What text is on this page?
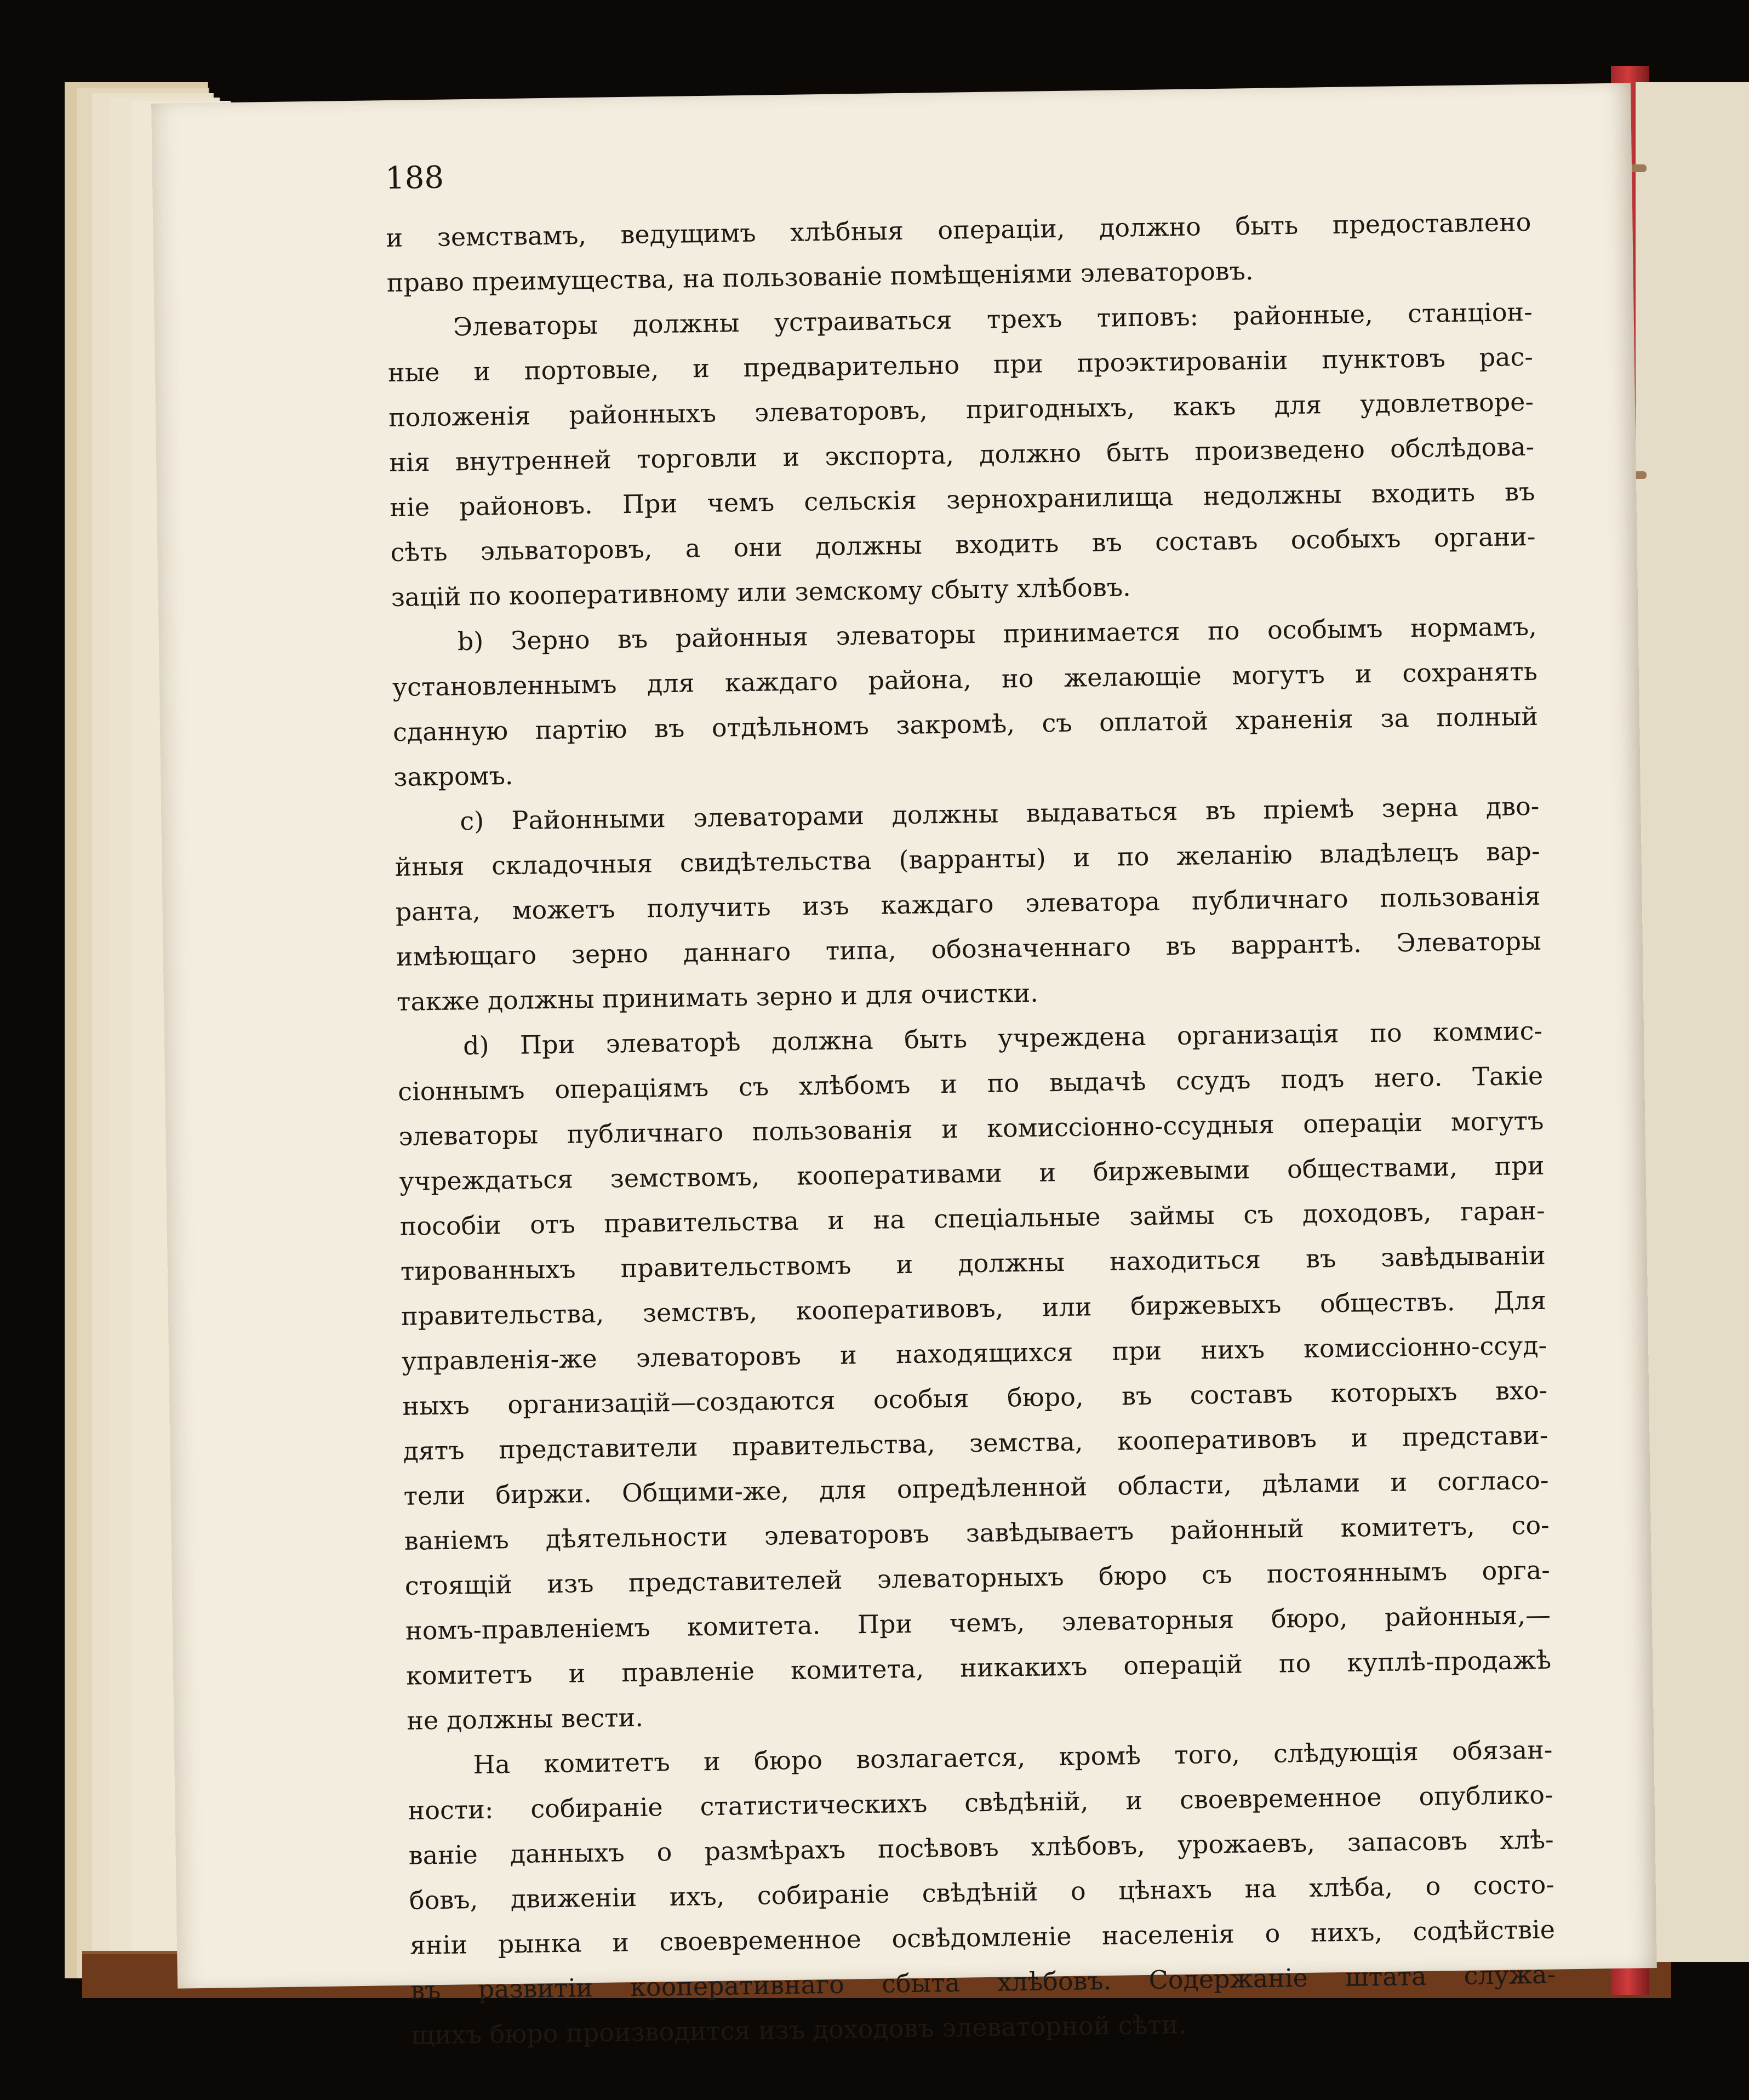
188
и земствамъ, ведущимъ хлѣбныя операціи, должно быть предоставлено
право преимущества, на пользованіе помѣщеніями элеваторовъ.
Элеваторы должны устраиваться трехъ типовъ: районные, станціон-
ные и портовые, и предварительно при проэктированіи пунктовъ рас-
положенія районныхъ элеваторовъ, пригодныхъ, какъ для удовлетворе-
нія внутренней торговли и экспорта, должно быть произведено обслѣдова-
ніе районовъ. При чемъ сельскія зернохранилища недолжны входить въ
сѣть эльваторовъ, а они должны входить въ составъ особыхъ органи-
зацій по кооперативному или земскому сбыту хлѣбовъ.
b) Зерно въ районныя элеваторы принимается по особымъ нормамъ,
установленнымъ для каждаго района, но желающіе могутъ и сохранять
сданную партію въ отдѣльномъ закромѣ, съ оплатой храненія за полный
закромъ.
c) Районными элеваторами должны выдаваться въ пріемѣ зерна дво-
йныя складочныя свидѣтельства (варранты) и по желанію владѣлецъ вар-
ранта, можетъ получить изъ каждаго элеватора публичнаго пользованія
имѣющаго зерно даннаго типа, обозначеннаго въ варрантѣ. Элеваторы
также должны принимать зерно и для очистки.
d) При элеваторѣ должна быть учреждена организація по коммис-
сіоннымъ операціямъ съ хлѣбомъ и по выдачѣ ссудъ подъ него. Такіе
элеваторы публичнаго пользованія и комиссіонно-ссудныя операціи могутъ
учреждаться земствомъ, кооперативами и биржевыми обществами, при
пособіи отъ правительства и на спеціальные займы съ доходовъ, гаран-
тированныхъ правительствомъ и должны находиться въ завѣдываніи
правительства, земствъ, кооперативовъ, или биржевыхъ обществъ. Для
управленія-же элеваторовъ и находящихся при нихъ комиссіонно-ссуд-
ныхъ организацій—создаются особыя бюро, въ составъ которыхъ вхо-
дятъ представители правительства, земства, кооперативовъ и представи-
тели биржи. Общими-же, для опредѣленной области, дѣлами и согласо-
ваніемъ дѣятельности элеваторовъ завѣдываетъ районный комитетъ, со-
стоящій изъ представителей элеваторныхъ бюро съ постояннымъ орга-
номъ-правленіемъ комитета. При чемъ, элеваторныя бюро, районныя,—
комитетъ и правленіе комитета, никакихъ операцій по куплѣ-продажѣ
не должны вести.
На комитетъ и бюро возлагается, кромѣ того, слѣдующія обязан-
ности: собираніе статистическихъ свѣдѣній, и своевременное опублико-
ваніе данныхъ о размѣрахъ посѣвовъ хлѣбовъ, урожаевъ, запасовъ хлѣ-
бовъ, движеніи ихъ, собираніе свѣдѣній о цѣнахъ на хлѣба, о состо-
яніи рынка и своевременное освѣдомленіе населенія о нихъ, содѣйствіе
въ развитіи кооперативнаго сбыта хлѣбовъ. Содержаніе штата служа-
щихъ бюро производится изъ доходовъ элеваторной сѣти.
